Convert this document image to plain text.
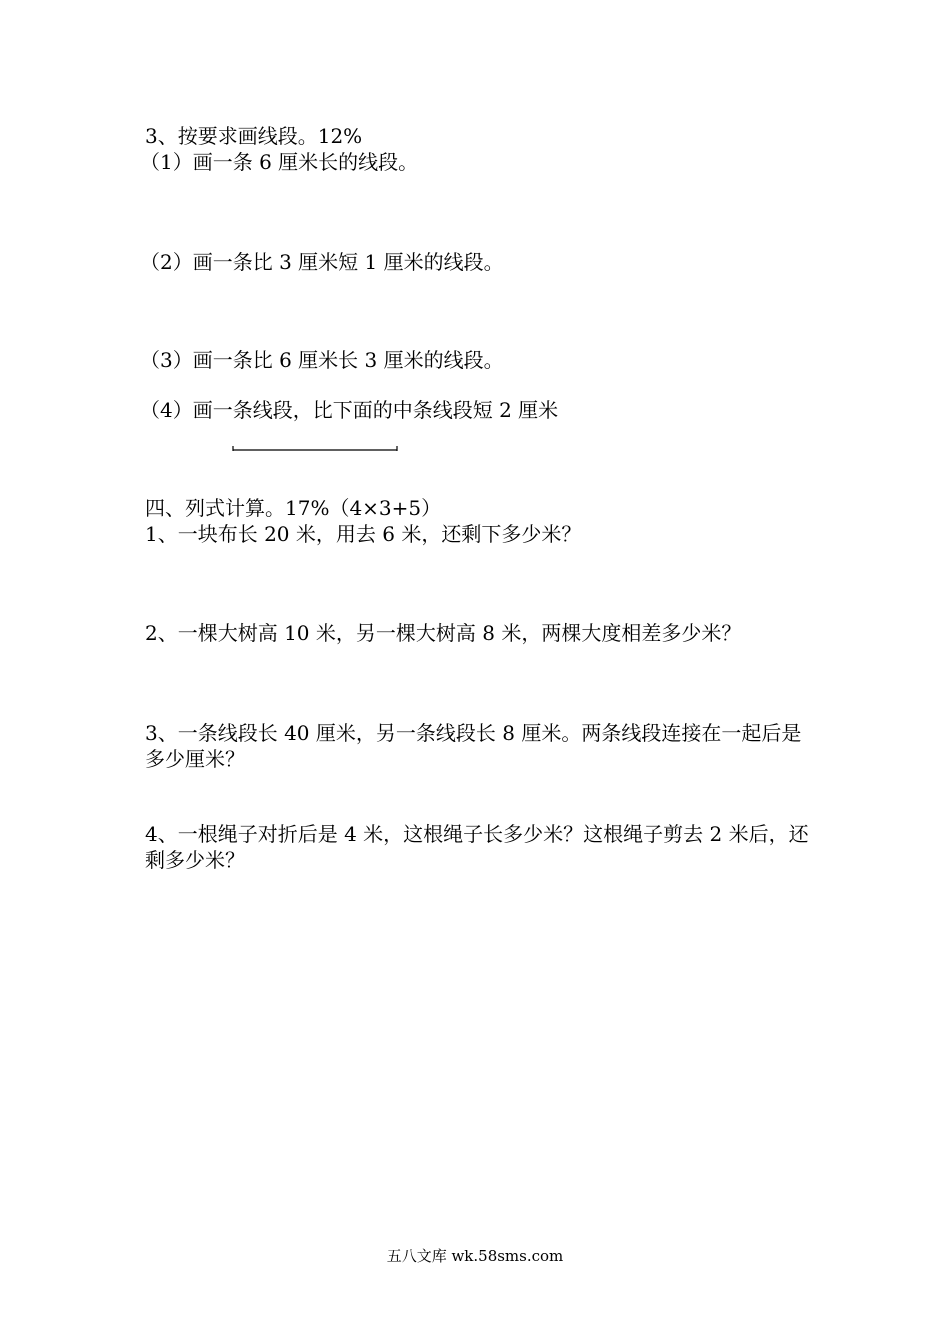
3、按要求画线段。12%
（1）画一条 6 厘米长的线段。
（2）画一条比 3 厘米短 1 厘米的线段。
（3）画一条比 6 厘米长 3 厘米的线段。
（4）画一条线段，比下面的中条线段短 2 厘米
四、列式计算。17%（4×3+5）
1、一块布长 20 米，用去 6 米，还剩下多少米？
2、一棵大树高 10 米，另一棵大树高 8 米，两棵大度相差多少米？
3、一条线段长 40 厘米，另一条线段长 8 厘米。两条线段连接在一起后是多少厘米？
4、一根绳子对折后是 4 米，这根绳子长多少米？这根绳子剪去 2 米后，还剩多少米？
五八文库 wk.58sms.com
